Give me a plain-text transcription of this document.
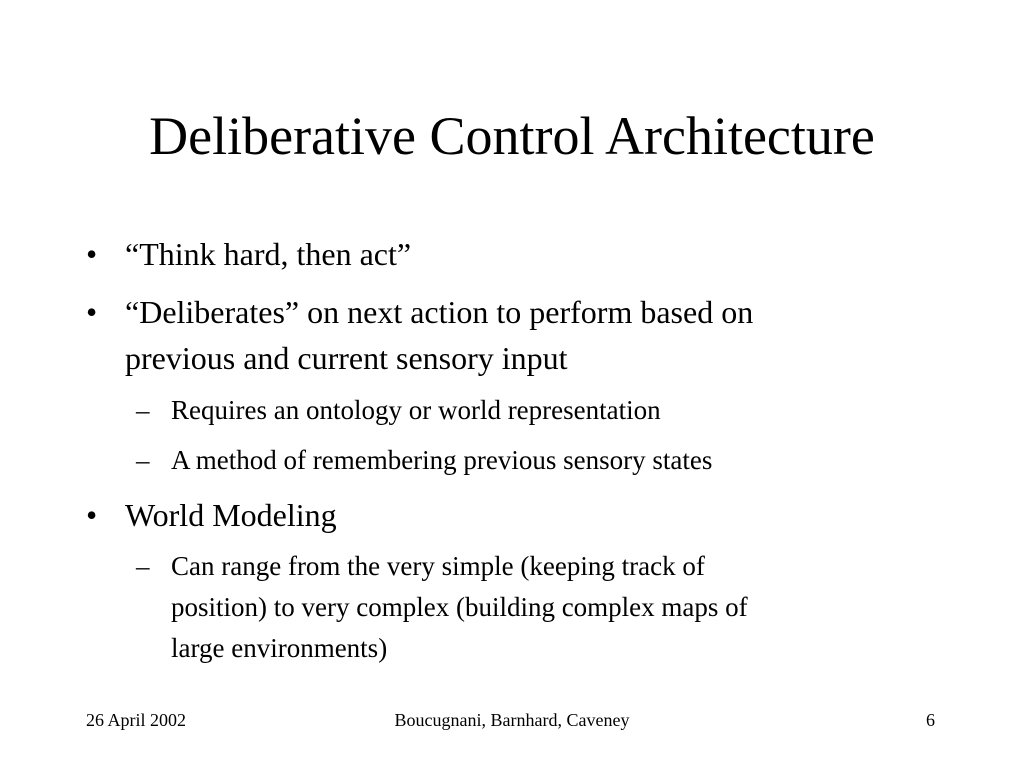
Deliberative Control Architecture
• “Think hard, then act”
• “Deliberates” on next action to perform based on
previous and current sensory input
– Requires an ontology or world representation
– A method of remembering previous sensory states
• World Modeling
– Can range from the very simple (keeping track of
position) to very complex (building complex maps of
large environments)
26 April 2002	Boucugnani, Barnhard, Caveney	6
